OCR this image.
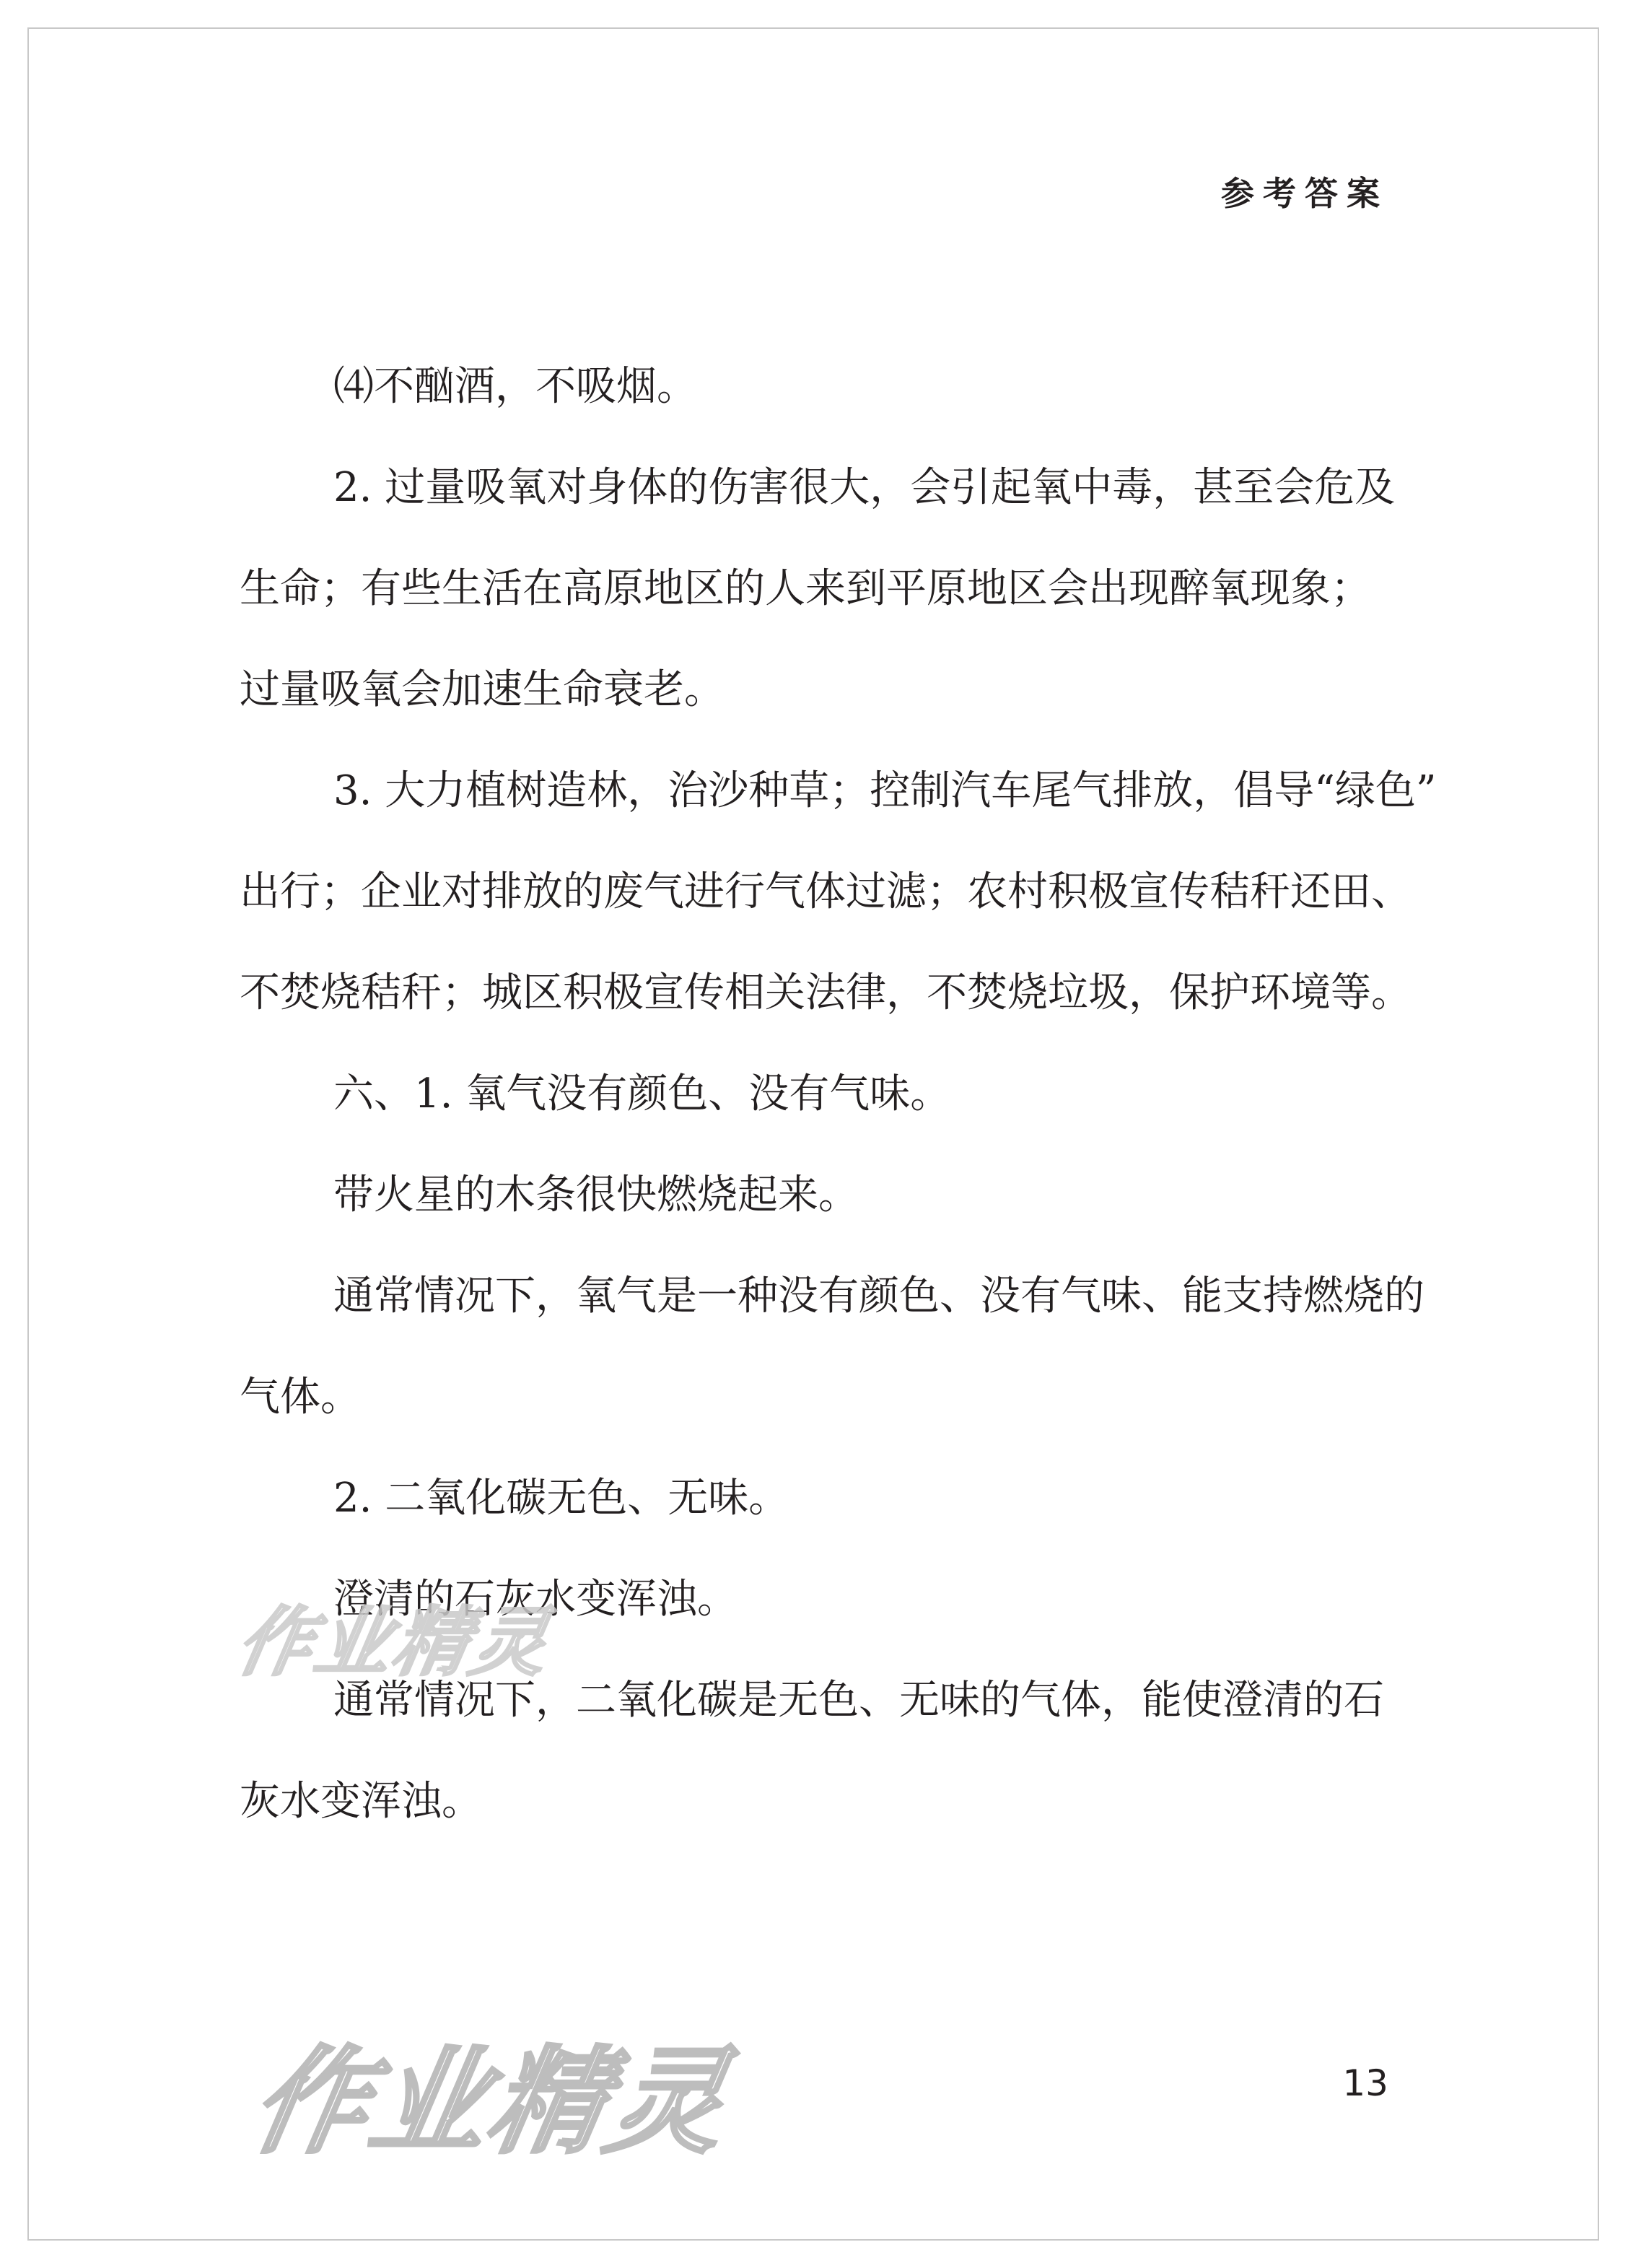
参考答案
⑷不酗酒，不吸烟。
2. 过量吸氧对身体的伤害很大，会引起氧中毒，甚至会危及
生命；有些生活在高原地区的人来到平原地区会出现醉氧现象；
过量吸氧会加速生命衰老。
3. 大力植树造林，治沙种草；控制汽车尾气排放，倡导“绿色”
出行；企业对排放的废气进行气体过滤；农村积极宣传秸秆还田、
不焚烧秸秆；城区积极宣传相关法律，不焚烧垃圾，保护环境等。
六、1. 氧气没有颜色、没有气味。
带火星的木条很快燃烧起来。
通常情况下，氧气是一种没有颜色、没有气味、能支持燃烧的
气体。
2. 二氧化碳无色、无味。
澄清的石灰水变浑浊。
通常情况下，二氧化碳是无色、无味的气体，能使澄清的石
灰水变浑浊。
作业精灵
作业精灵	13
